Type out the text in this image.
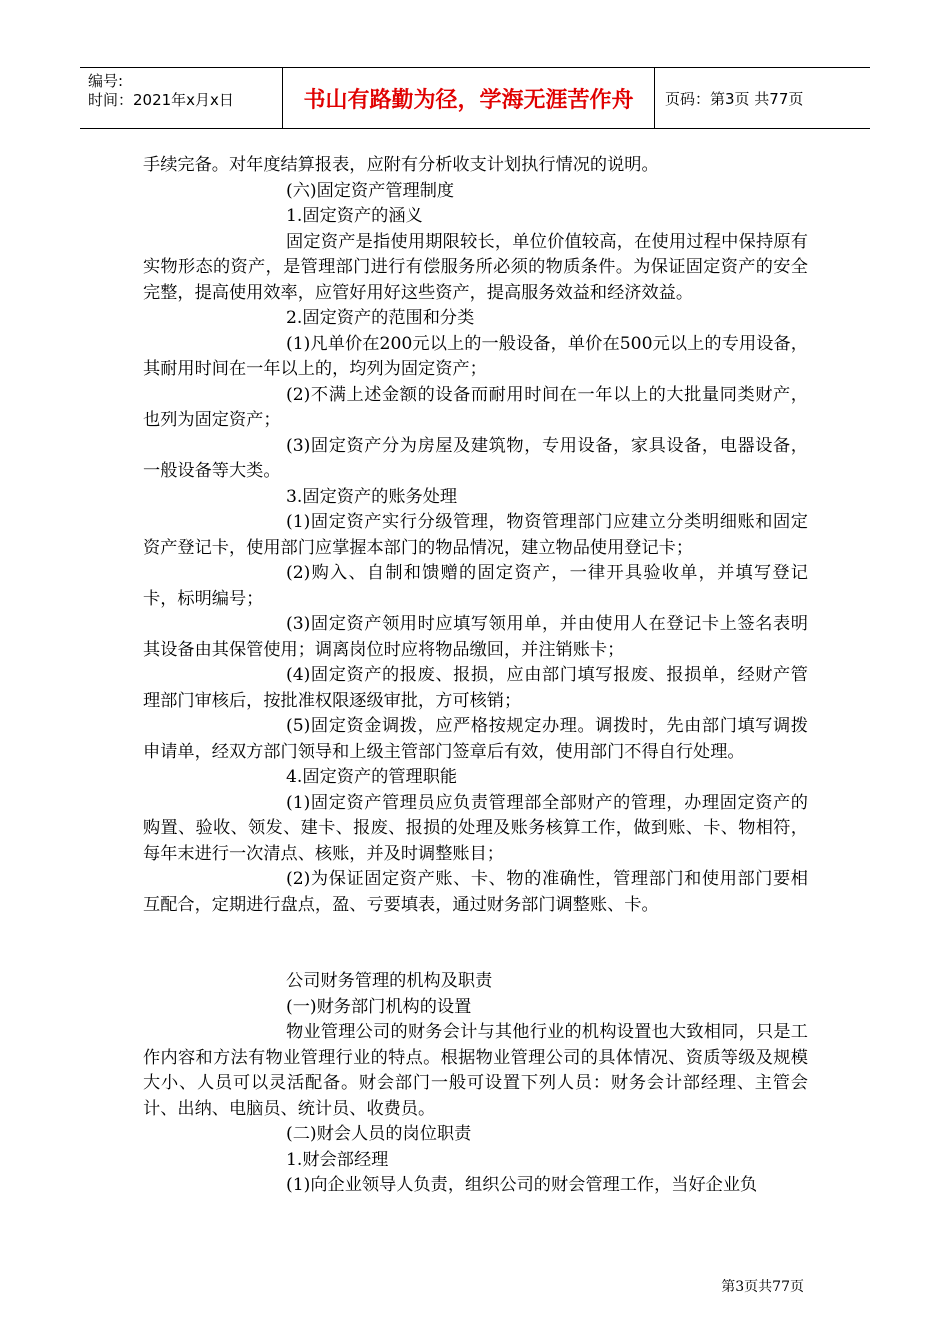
编号:
时间：2021年x月x日	书山有路勤为径，学海无涯苦作舟	页码：第3页 共77页

手续完备。对年度结算报表，应附有分析收支计划执行情况的说明。

(六)固定资产管理制度

1.固定资产的涵义

固定资产是指使用期限较长，单位价值较高，在使用过程中保持原有实物形态的资产，是管理部门进行有偿服务所必须的物质条件。为保证固定资产的安全完整，提高使用效率，应管好用好这些资产，提高服务效益和经济效益。

2.固定资产的范围和分类

(1)凡单价在200元以上的一般设备，单价在500元以上的专用设备，其耐用时间在一年以上的，均列为固定资产；

(2)不满上述金额的设备而耐用时间在一年以上的大批量同类财产，也列为固定资产；

(3)固定资产分为房屋及建筑物，专用设备，家具设备，电器设备，一般设备等大类。

3.固定资产的账务处理

(1)固定资产实行分级管理，物资管理部门应建立分类明细账和固定资产登记卡，使用部门应掌握本部门的物品情况，建立物品使用登记卡；

(2)购入、自制和馈赠的固定资产，一律开具验收单，并填写登记卡，标明编号；

(3)固定资产领用时应填写领用单，并由使用人在登记卡上签名表明其设备由其保管使用；调离岗位时应将物品缴回，并注销账卡；

(4)固定资产的报废、报损，应由部门填写报废、报损单，经财产管理部门审核后，按批准权限逐级审批，方可核销；

(5)固定资金调拨，应严格按规定办理。调拨时，先由部门填写调拨申请单，经双方部门领导和上级主管部门签章后有效，使用部门不得自行处理。

4.固定资产的管理职能

(1)固定资产管理员应负责管理部全部财产的管理，办理固定资产的购置、验收、领发、建卡、报废、报损的处理及账务核算工作，做到账、卡、物相符，每年末进行一次清点、核账，并及时调整账目；

(2)为保证固定资产账、卡、物的准确性，管理部门和使用部门要相互配合，定期进行盘点，盈、亏要填表，通过财务部门调整账、卡。

公司财务管理的机构及职责

(一)财务部门机构的设置

物业管理公司的财务会计与其他行业的机构设置也大致相同，只是工作内容和方法有物业管理行业的特点。根据物业管理公司的具体情况、资质等级及规模大小、人员可以灵活配备。财会部门一般可设置下列人员：财务会计部经理、主管会计、出纳、电脑员、统计员、收费员。

(二)财会人员的岗位职责

1.财会部经理

(1)向企业领导人负责，组织公司的财会管理工作，当好企业负

第3页共77页
